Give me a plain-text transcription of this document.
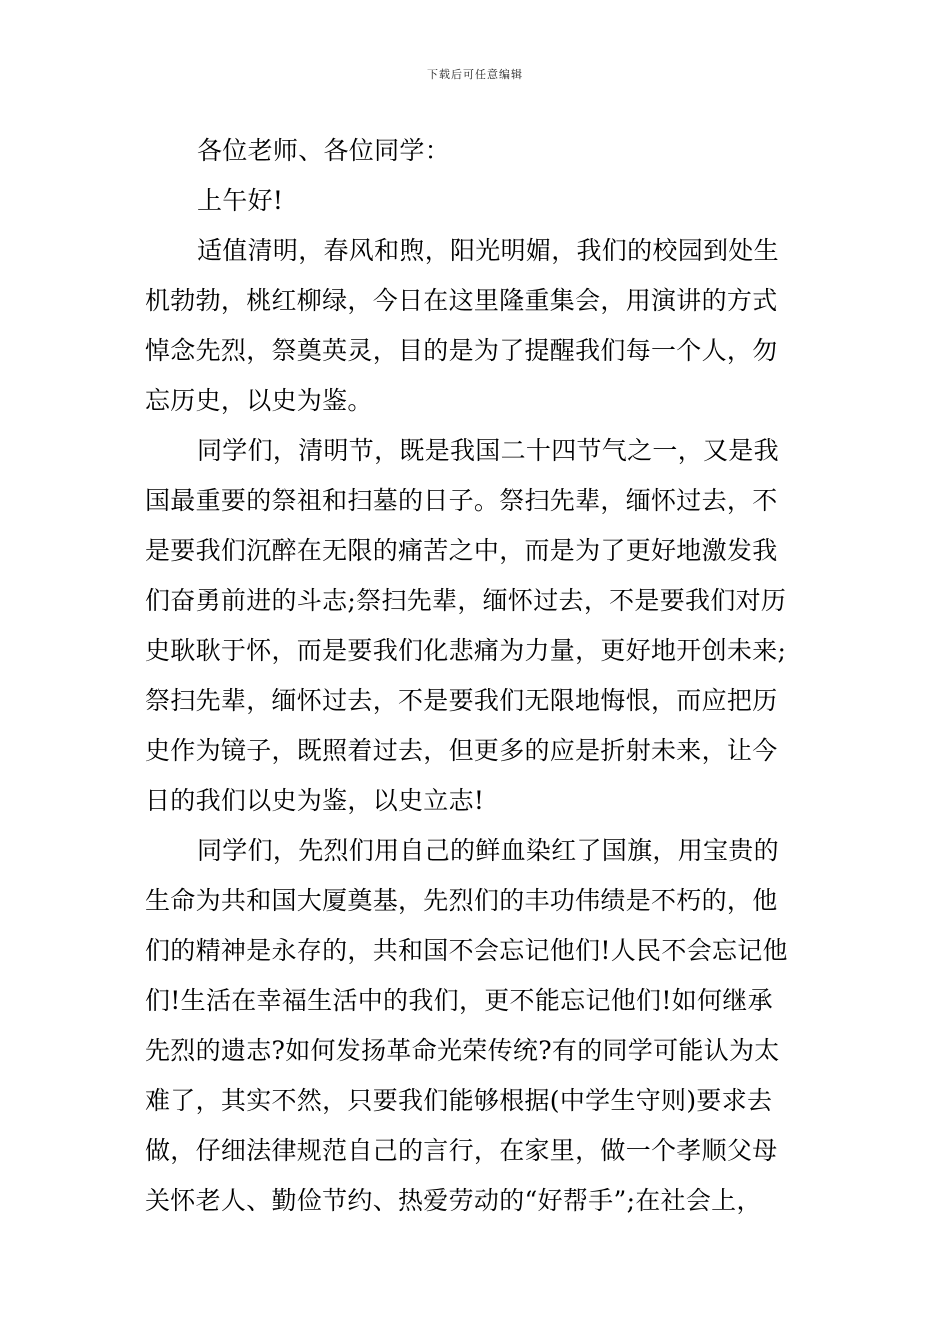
下载后可任意编辑
各位老师、各位同学：
上午好!
适值清明，春风和煦，阳光明媚，我们的校园到处生
机勃勃，桃红柳绿，今日在这里隆重集会，用演讲的方式
悼念先烈，祭奠英灵，目的是为了提醒我们每一个人，勿
忘历史，以史为鉴。
同学们，清明节，既是我国二十四节气之一，又是我
国最重要的祭祖和扫墓的日子。祭扫先辈，缅怀过去，不
是要我们沉醉在无限的痛苦之中，而是为了更好地激发我
们奋勇前进的斗志;祭扫先辈，缅怀过去，不是要我们对历
史耿耿于怀，而是要我们化悲痛为力量，更好地开创未来;
祭扫先辈，缅怀过去，不是要我们无限地悔恨，而应把历
史作为镜子，既照着过去，但更多的应是折射未来，让今
日的我们以史为鉴，以史立志!
同学们，先烈们用自己的鲜血染红了国旗，用宝贵的
生命为共和国大厦奠基，先烈们的丰功伟绩是不朽的，他
们的精神是永存的，共和国不会忘记他们!人民不会忘记他
们!生活在幸福生活中的我们，更不能忘记他们!如何继承
先烈的遗志?如何发扬革命光荣传统?有的同学可能认为太
难了，其实不然，只要我们能够根据(中学生守则)要求去
做，仔细法律规范自己的言行，在家里，做一个孝顺父母
关怀老人、勤俭节约、热爱劳动的“好帮手”;在社会上，
